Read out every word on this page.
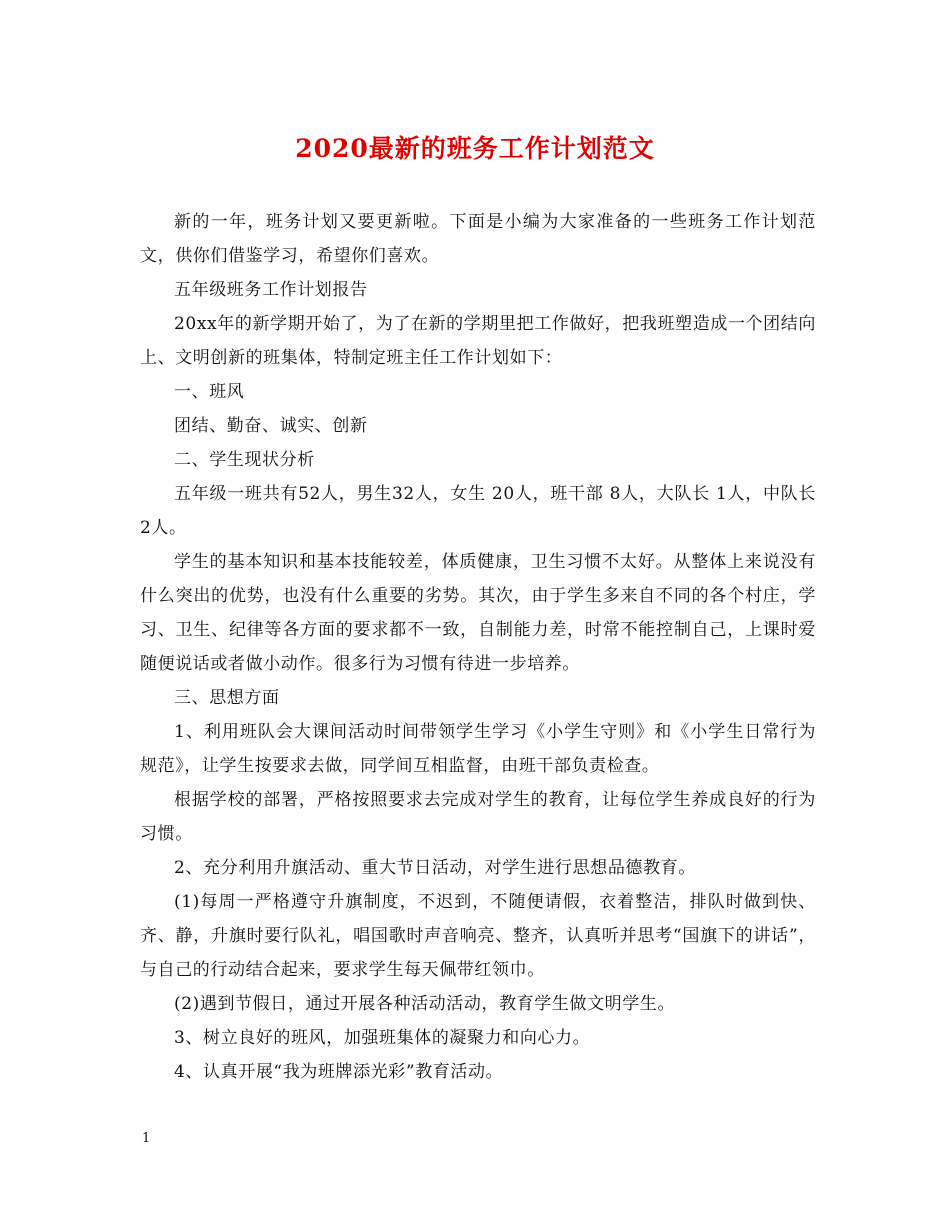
2020最新的班务工作计划范文

新的一年，班务计划又要更新啦。下面是小编为大家准备的一些班务工作计划范文，供你们借鉴学习，希望你们喜欢。

五年级班务工作计划报告

20xx年的新学期开始了，为了在新的学期里把工作做好，把我班塑造成一个团结向上、文明创新的班集体，特制定班主任工作计划如下：

一、班风

团结、勤奋、诚实、创新

二、学生现状分析

五年级一班共有52人，男生32人，女生 20人，班干部 8人，大队长 1人，中队长2人。

学生的基本知识和基本技能较差，体质健康，卫生习惯不太好。从整体上来说没有什么突出的优势，也没有什么重要的劣势。其次，由于学生多来自不同的各个村庄，学习、卫生、纪律等各方面的要求都不一致，自制能力差，时常不能控制自己，上课时爱随便说话或者做小动作。很多行为习惯有待进一步培养。

三、思想方面

1、利用班队会大课间活动时间带领学生学习《小学生守则》和《小学生日常行为规范》，让学生按要求去做，同学间互相监督，由班干部负责检查。

根据学校的部署，严格按照要求去完成对学生的教育，让每位学生养成良好的行为习惯。

2、充分利用升旗活动、重大节日活动，对学生进行思想品德教育。

(1)每周一严格遵守升旗制度，不迟到，不随便请假，衣着整洁，排队时做到快、齐、静，升旗时要行队礼，唱国歌时声音响亮、整齐，认真听并思考“国旗下的讲话”，与自己的行动结合起来，要求学生每天佩带红领巾。

(2)遇到节假日，通过开展各种活动活动，教育学生做文明学生。

3、树立良好的班风，加强班集体的凝聚力和向心力。

4、认真开展“我为班牌添光彩”教育活动。

1
